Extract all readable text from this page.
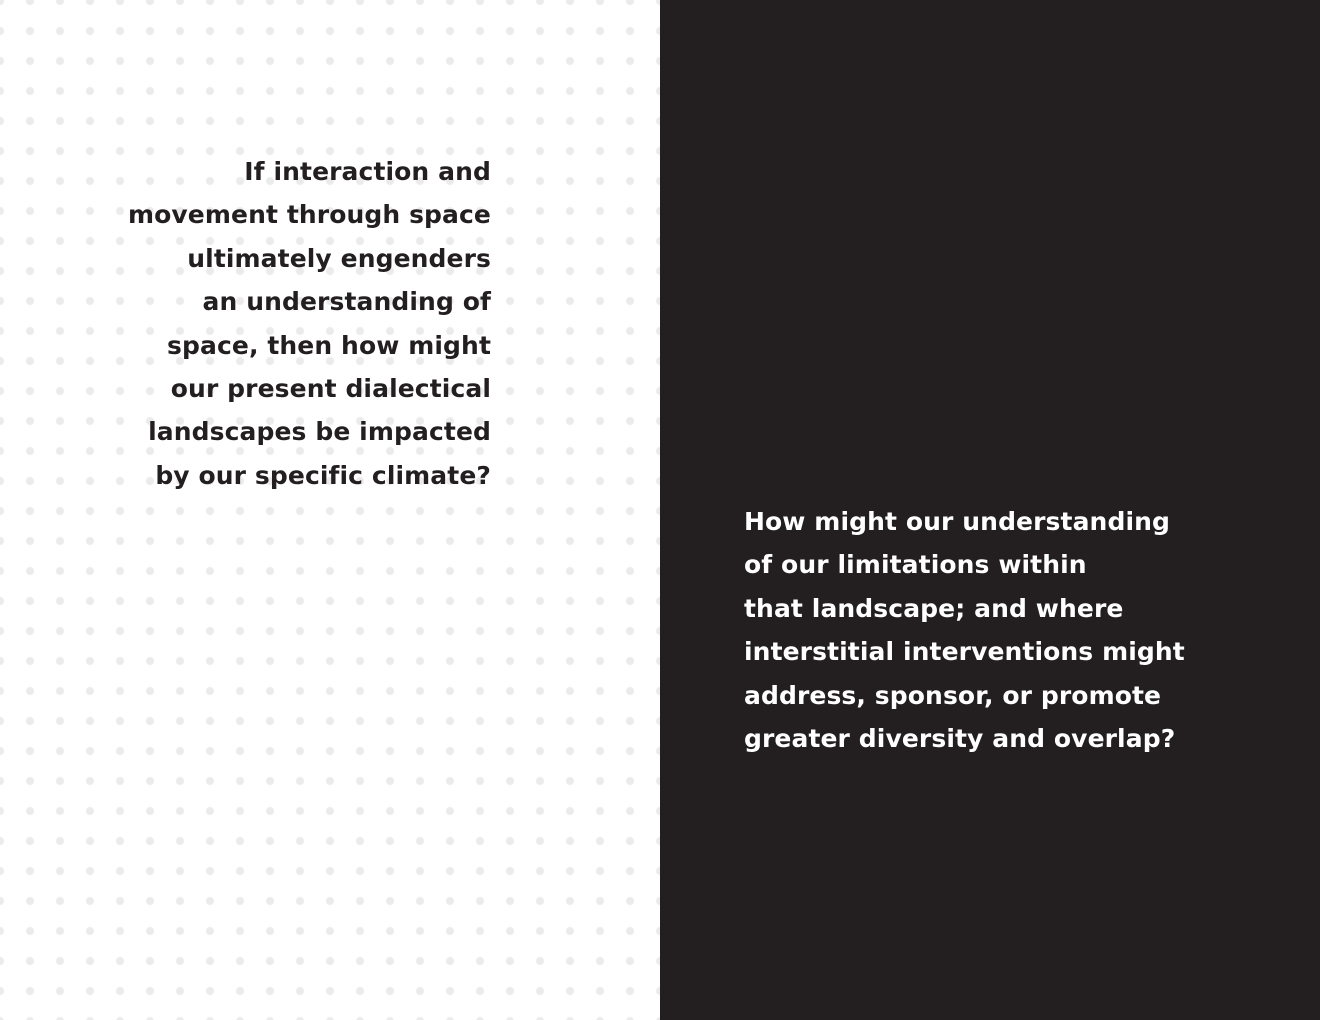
If interaction and
movement through space
ultimately engenders
an understanding of
space, then how might
our present dialectical
landscapes be impacted
by our specific climate?

How might our understanding
of our limitations within
that landscape; and where
interstitial interventions might
address, sponsor, or promote
greater diversity and overlap?
